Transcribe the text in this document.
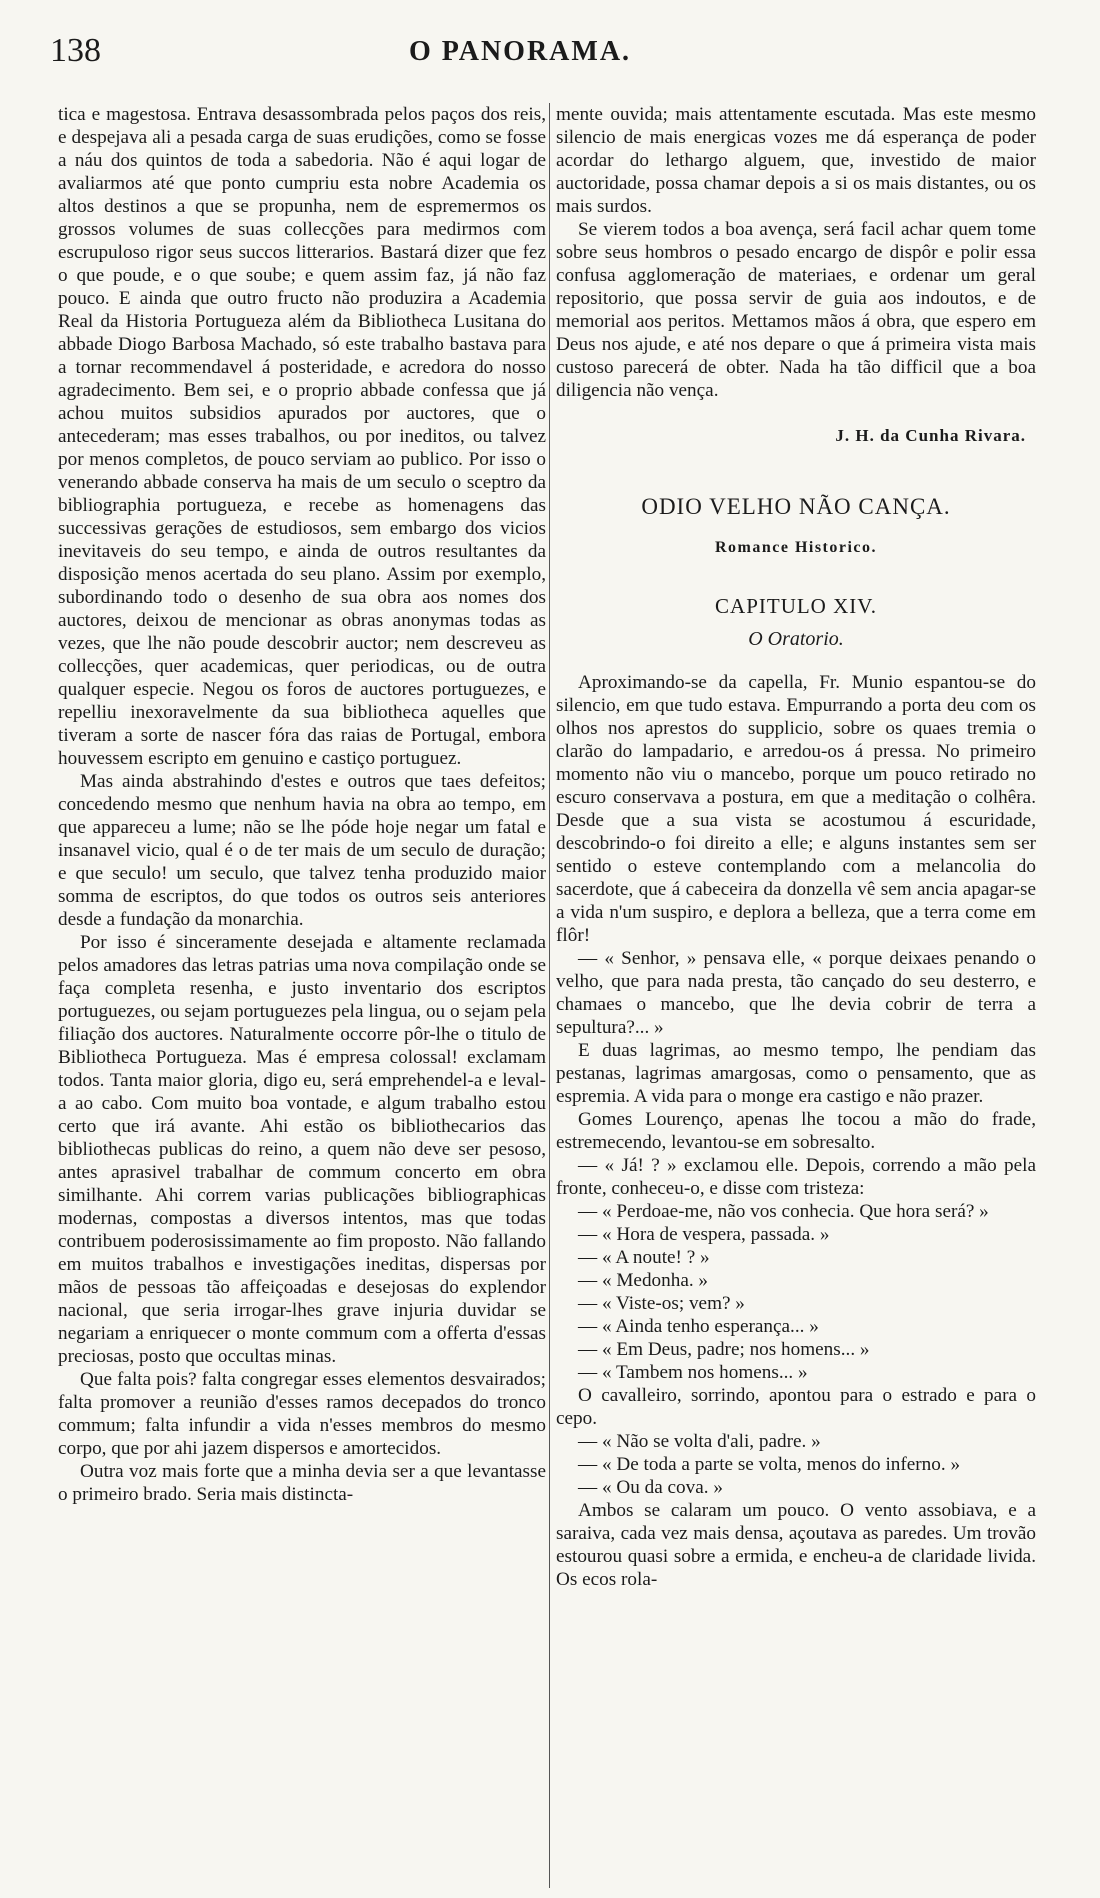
138	O PANORAMA.

tica e magestosa. Entrava desassombrada pelos paços dos reis, e despejava ali a pesada carga de suas erudições, como se fosse a náu dos quintos de toda a sabedoria. Não é aqui logar de avaliarmos até que ponto cumpriu esta nobre Academia os altos destinos a que se propunha, nem de espremermos os grossos volumes de suas collecções para medirmos com escrupuloso rigor seus succos litterarios. Bastará dizer que fez o que poude, e o que soube; e quem assim faz, já não faz pouco. E ainda que outro fructo não produzira a Academia Real da Historia Portugueza além da Bibliotheca Lusitana do abbade Diogo Barbosa Machado, só este trabalho bastava para a tornar recommendavel á posteridade, e acredora do nosso agradecimento. Bem sei, e o proprio abbade confessa que já achou muitos subsidios apurados por auctores, que o antecederam; mas esses trabalhos, ou por ineditos, ou talvez por menos completos, de pouco serviam ao publico. Por isso o venerando abbade conserva ha mais de um seculo o sceptro da bibliographia portugueza, e recebe as homenagens das successivas gerações de estudiosos, sem embargo dos vicios inevitaveis do seu tempo, e ainda de outros resultantes da disposição menos acertada do seu plano. Assim por exemplo, subordinando todo o desenho de sua obra aos nomes dos auctores, deixou de mencionar as obras anonymas todas as vezes, que lhe não poude descobrir auctor; nem descreveu as collecções, quer academicas, quer periodicas, ou de outra qualquer especie. Negou os foros de auctores portuguezes, e repelliu inexoravelmente da sua bibliotheca aquelles que tiveram a sorte de nascer fóra das raias de Portugal, embora houvessem escripto em genuino e castiço portuguez.

Mas ainda abstrahindo d'estes e outros que taes defeitos; concedendo mesmo que nenhum havia na obra ao tempo, em que appareceu a lume; não se lhe póde hoje negar um fatal e insanavel vicio, qual é o de ter mais de um seculo de duração; e que seculo! um seculo, que talvez tenha produzido maior somma de escriptos, do que todos os outros seis anteriores desde a fundação da monarchia.

Por isso é sinceramente desejada e altamente reclamada pelos amadores das letras patrias uma nova compilação onde se faça completa resenha, e justo inventario dos escriptos portuguezes, ou sejam portuguezes pela lingua, ou o sejam pela filiação dos auctores. Naturalmente occorre pôr-lhe o titulo de Bibliotheca Portugueza. Mas é empresa colossal! exclamam todos. Tanta maior gloria, digo eu, será emprehendel-a e leval-a ao cabo. Com muito boa vontade, e algum trabalho estou certo que irá avante. Ahi estão os bibliothecarios das bibliothecas publicas do reino, a quem não deve ser pesoso, antes aprasivel trabalhar de commum concerto em obra similhante. Ahi correm varias publicações bibliographicas modernas, compostas a diversos intentos, mas que todas contribuem poderosissimamente ao fim proposto. Não fallando em muitos trabalhos e investigações ineditas, dispersas por mãos de pessoas tão affeiçoadas e desejosas do explendor nacional, que seria irrogar-lhes grave injuria duvidar se negariam a enriquecer o monte commum com a offerta d'essas preciosas, posto que occultas minas.

Que falta pois? falta congregar esses elementos desvairados; falta promover a reunião d'esses ramos decepados do tronco commum; falta infundir a vida n'esses membros do mesmo corpo, que por ahi jazem dispersos e amortecidos.

Outra voz mais forte que a minha devia ser a que levantasse o primeiro brado. Seria mais distincta-

mente ouvida; mais attentamente escutada. Mas este mesmo silencio de mais energicas vozes me dá esperança de poder acordar do lethargo alguem, que, investido de maior auctoridade, possa chamar depois a si os mais distantes, ou os mais surdos.

Se vierem todos a boa avença, será facil achar quem tome sobre seus hombros o pesado encargo de dispôr e polir essa confusa agglomeração de materiaes, e ordenar um geral repositorio, que possa servir de guia aos indoutos, e de memorial aos peritos. Mettamos mãos á obra, que espero em Deus nos ajude, e até nos depare o que á primeira vista mais custoso parecerá de obter. Nada ha tão difficil que a boa diligencia não vença.

J. H. da Cunha Rivara.
ODIO VELHO NÃO CANÇA.
Romance Historico.
CAPITULO XIV.
O Oratorio.

Aproximando-se da capella, Fr. Munio espantou-se do silencio, em que tudo estava. Empurrando a porta deu com os olhos nos aprestos do supplicio, sobre os quaes tremia o clarão do lampadario, e arredou-os á pressa. No primeiro momento não viu o mancebo, porque um pouco retirado no escuro conservava a postura, em que a meditação o colhêra. Desde que a sua vista se acostumou á escuridade, descobrindo-o foi direito a elle; e alguns instantes sem ser sentido o esteve contemplando com a melancolia do sacerdote, que á cabeceira da donzella vê sem ancia apagar-se a vida n'um suspiro, e deplora a belleza, que a terra come em flôr!

— « Senhor, » pensava elle, « porque deixaes penando o velho, que para nada presta, tão cançado do seu desterro, e chamaes o mancebo, que lhe devia cobrir de terra a sepultura?... »

E duas lagrimas, ao mesmo tempo, lhe pendiam das pestanas, lagrimas amargosas, como o pensamento, que as espremia. A vida para o monge era castigo e não prazer.

Gomes Lourenço, apenas lhe tocou a mão do frade, estremecendo, levantou-se em sobresalto.

— « Já! ? » exclamou elle. Depois, correndo a mão pela fronte, conheceu-o, e disse com tristeza:

— « Perdoae-me, não vos conhecia. Que hora será? »

— « Hora de vespera, passada. »

— « A noute! ? »

— « Medonha. »

— « Viste-os; vem? »

— « Ainda tenho esperança... »

— « Em Deus, padre; nos homens... »

— « Tambem nos homens... »

O cavalleiro, sorrindo, apontou para o estrado e para o cepo.

— « Não se volta d'ali, padre. »

— « De toda a parte se volta, menos do inferno. »

— « Ou da cova. »

Ambos se calaram um pouco. O vento assobiava, e a saraiva, cada vez mais densa, açoutava as paredes. Um trovão estourou quasi sobre a ermida, e encheu-a de claridade livida. Os ecos rola-
